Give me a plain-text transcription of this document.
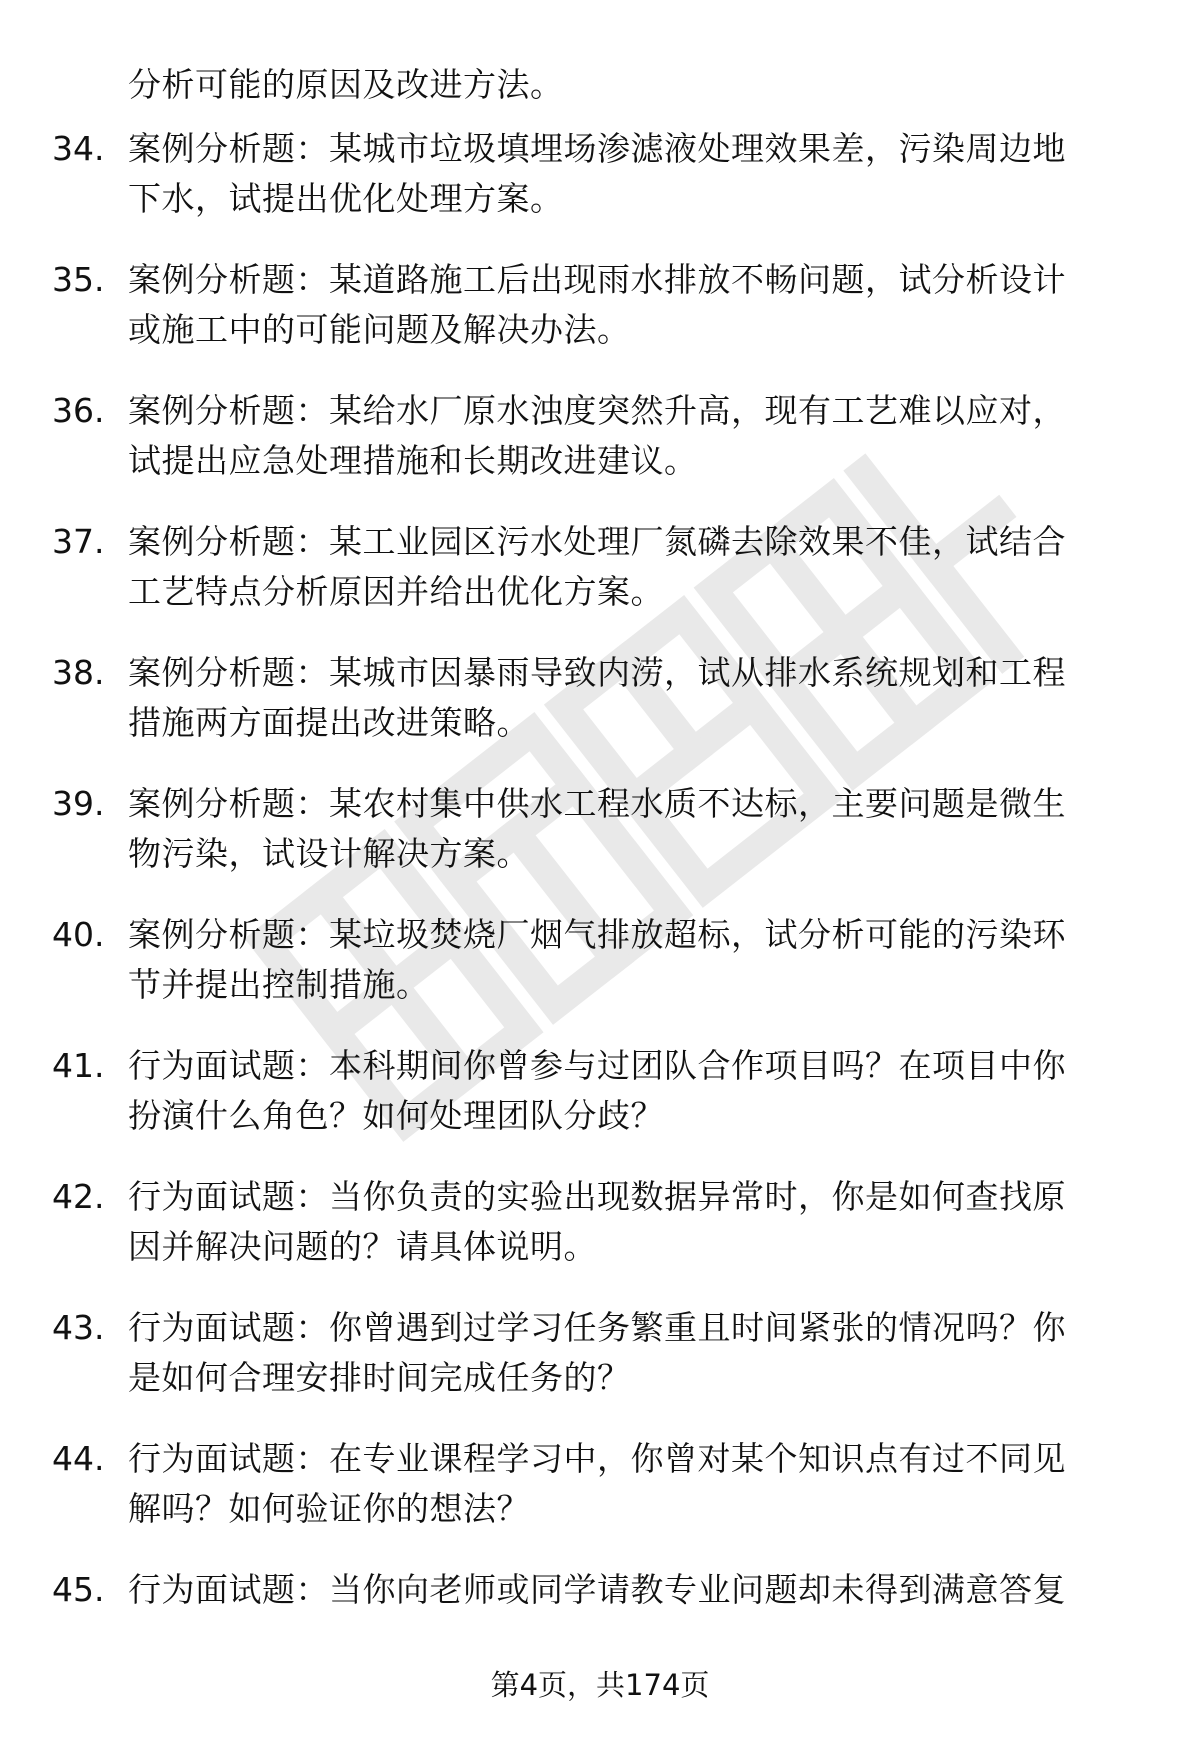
分析可能的原因及改进方法。
34. 案例分析题：某城市垃圾填埋场渗滤液处理效果差，污染周边地
下水，试提出优化处理方案。
35. 案例分析题：某道路施工后出现雨水排放不畅问题，试分析设计
或施工中的可能问题及解决办法。
36. 案例分析题：某给水厂原水浊度突然升高，现有工艺难以应对，
试提出应急处理措施和长期改进建议。
37. 案例分析题：某工业园区污水处理厂氮磷去除效果不佳，试结合
工艺特点分析原因并给出优化方案。
38. 案例分析题：某城市因暴雨导致内涝，试从排水系统规划和工程
措施两方面提出改进策略。
39. 案例分析题：某农村集中供水工程水质不达标，主要问题是微生
物污染，试设计解决方案。
40. 案例分析题：某垃圾焚烧厂烟气排放超标，试分析可能的污染环
节并提出控制措施。
41. 行为面试题：本科期间你曾参与过团队合作项目吗？在项目中你
扮演什么角色？如何处理团队分歧？
42. 行为面试题：当你负责的实验出现数据异常时，你是如何查找原
因并解决问题的？请具体说明。
43. 行为面试题：你曾遇到过学习任务繁重且时间紧张的情况吗？你
是如何合理安排时间完成任务的？
44. 行为面试题：在专业课程学习中，你曾对某个知识点有过不同见
解吗？如何验证你的想法？
45. 行为面试题：当你向老师或同学请教专业问题却未得到满意答复
第4页，共174页
